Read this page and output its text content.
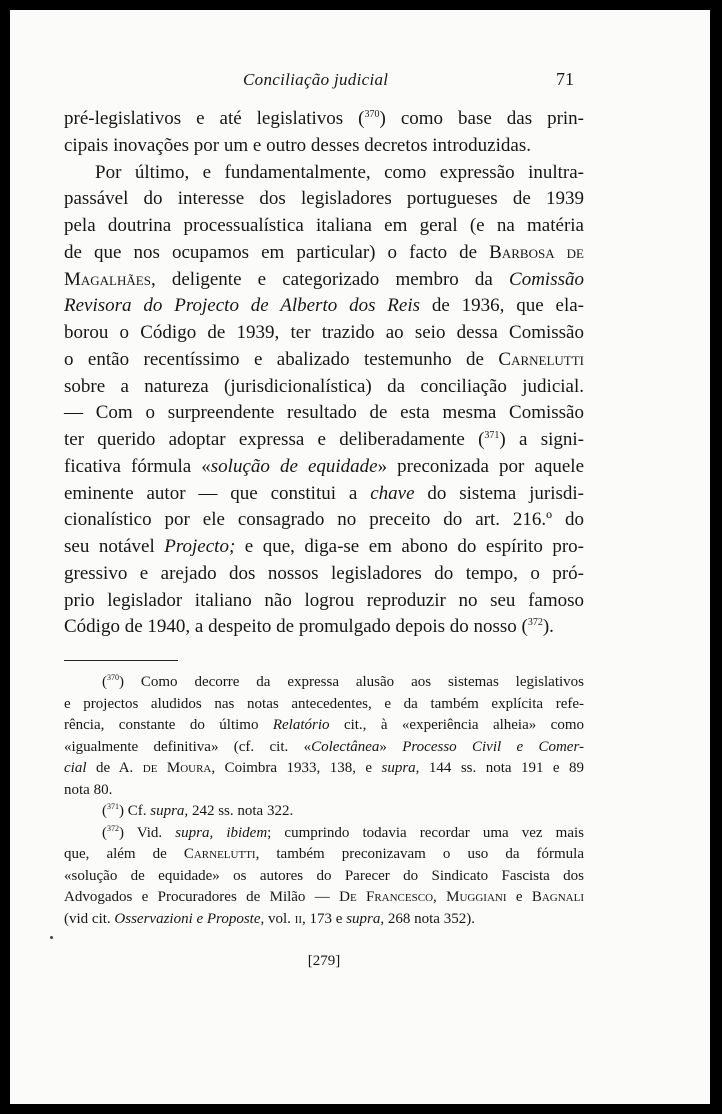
Conciliação judicial	71
pré-legislativos e até legislativos ($^{370}$) como base das prin-
cipais inovações por um e outro desses decretos introduzidas.
Por último, e fundamentalmente, como expressão inultra-
passável do interesse dos legisladores portugueses de 1939
pela doutrina processualística italiana em geral (e na matéria
de que nos ocupamos em particular) o facto de Barbosa de
Magalhães, deligente e categorizado membro da Comissão
Revisora do Projecto de Alberto dos Reis de 1936, que ela-
borou o Código de 1939, ter trazido ao seio dessa Comissão
o então recentíssimo e abalizado testemunho de Carnelutti
sobre a natureza (jurisdicionalística) da conciliação judicial.
— Com o surpreendente resultado de esta mesma Comissão
ter querido adoptar expressa e deliberadamente ($^{371}$) a signi-
ficativa fórmula «solução de equidade» preconizada por aquele
eminente autor — que constitui a chave do sistema jurisdi-
cionalístico por ele consagrado no preceito do art. 216.º do
seu notável Projecto; e que, diga-se em abono do espírito pro-
gressivo e arejado dos nossos legisladores do tempo, o pró-
prio legislador italiano não logrou reproduzir no seu famoso
Código de 1940, a despeito de promulgado depois do nosso ($^{372}$).
($^{370}$) Como decorre da expressa alusão aos sistemas legislativos
e projectos aludidos nas notas antecedentes, e da também explícita refe-
rência, constante do último Relatório cit., à «experiência alheia» como
«igualmente definitiva» (cf. cit. «Colectânea» Processo Civil e Comer-
cial de A. de Moura, Coimbra 1933, 138, e supra, 144 ss. nota 191 e 89
nota 80.
($^{371}$) Cf. supra, 242 ss. nota 322.
($^{372}$) Vid. supra, ibidem; cumprindo todavia recordar uma vez mais
que, além de Carnelutti, também preconizavam o uso da fórmula
«solução de equidade» os autores do Parecer do Sindicato Fascista dos
Advogados e Procuradores de Milão — De Francesco, Muggiani e Bagnali
(vid cit. Osservazioni e Proposte, vol. ii, 173 e supra, 268 nota 352).
[279]
